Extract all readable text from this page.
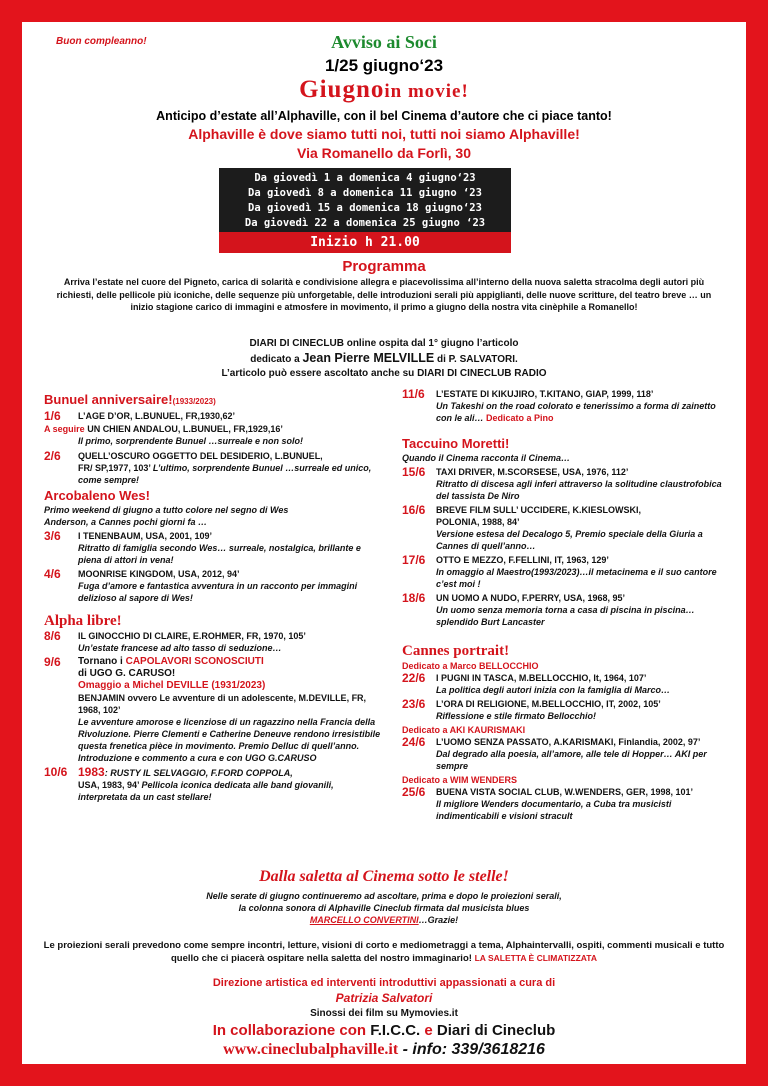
Buon compleanno!	Avviso ai Soci
1/25 giugno‘23
Giugnoin movie!
Anticipo d’estate all’Alphaville, con il bel Cinema d’autore che ci piace tanto!
Alphaville è dove siamo tutti noi, tutti noi siamo Alphaville!
Via Romanello da Forlì, 30
Da giovedì 1 a domenica 4 giugno‘23
Da giovedì 8 a domenica 11 giugno ‘23
Da giovedì 15 a domenica 18 giugno‘23
Da giovedì 22 a domenica 25 giugno ‘23
Inizio h 21.00
Programma
Arriva l’estate nel cuore del Pigneto, carica di solarità e condivisione allegra e piacevolissima all’interno della nuova saletta stracolma degli autori più richiesti, delle pellicole più iconiche, delle sequenze più unforgetable, delle introduzioni serali più appiglianti, delle nuove scritture, del teatro breve … un inizio stagione carico di immagini e atmosfere in movimento, il primo a giugno della nostra vita cinèphile a Romanello!
DIARI DI CINECLUB online ospita dal 1° giugno l’articolo
dedicato a Jean Pierre MELVILLE di P. SALVATORI.
L’articolo può essere ascoltato anche su DIARI DI CINECLUB RADIO
Bunuel anniversaire!(1933/2023)
1/6	L’AGE D’OR, L.BUNUEL, FR,1930,62’
A seguire UN CHIEN ANDALOU, L.BUNUEL, FR,1929,16’
Il primo, sorprendente Bunuel …surreale e non solo!
2/6	QUELL’OSCURO OGGETTO DEL DESIDERIO, L.BUNUEL,
FR/ SP,1977, 103’ L’ultimo, sorprendente Bunuel …surreale ed unico, come sempre!
Arcobaleno Wes!
Primo weekend di giugno a tutto colore nel segno di Wes Anderson, a Cannes pochi giorni fa …
3/6	I TENENBAUM, USA, 2001, 109’
Ritratto di famiglia secondo Wes… surreale, nostalgica, brillante e piena di attori in vena!
4/6	MOONRISE KINGDOM, USA, 2012, 94’
Fuga d’amore e fantastica avventura in un racconto per immagini delizioso al sapore di Wes!
Alpha libre!
8/6	IL GINOCCHIO DI CLAIRE, E.ROHMER, FR, 1970, 105’
Un’estate francese ad alto tasso di seduzione…
9/6	Tornano i CAPOLAVORI SCONOSCIUTI
di UGO G. CARUSO!
Omaggio a Michel DEVILLE (1931/2023)
BENJAMIN ovvero Le avventure di un adolescente, M.DEVILLE, FR, 1968, 102’
Le avventure amorose e licenziose di un ragazzino nella Francia della Rivoluzione. Pierre Clementi e Catherine Deneuve rendono irresistibile questa frenetica pièce in movimento. Premio Delluc di quell’anno. Introduzione e commento a cura e con UGO G.CARUSO
10/6 1983: RUSTY IL SELVAGGIO, F.FORD COPPOLA,
USA, 1983, 94’ Pellicola iconica dedicata alle band giovanili, interpretata da un cast stellare!
11/6	L’ESTATE DI KIKUJIRO, T.KITANO, GIAP, 1999, 118’
Un Takeshi on the road colorato e tenerissimo a forma di zainetto con le ali… Dedicato a Pino
Taccuino Moretti!
Quando il Cinema racconta il Cinema…
15/6	TAXI DRIVER, M.SCORSESE, USA, 1976, 112’
Ritratto di discesa agli inferi attraverso la solitudine claustrofobica del tassista De Niro
16/6	BREVE FILM SULL’ UCCIDERE, K.KIESLOWSKI,
POLONIA, 1988, 84’
Versione estesa del Decalogo 5, Premio speciale della Giuria a Cannes di quell’anno…
17/6	OTTO E MEZZO, F.FELLINI, IT, 1963, 129’
In omaggio al Maestro(1993/2023)…il metacinema e il suo cantore c’est moi !
18/6	UN UOMO A NUDO, F.PERRY, USA, 1968, 95’
Un uomo senza memoria torna a casa di piscina in piscina… splendido Burt Lancaster
Cannes portrait!
Dedicato a Marco BELLOCCHIO
22/6	I PUGNI IN TASCA, M.BELLOCCHIO, It, 1964, 107’
La politica degli autori inizia con la famiglia di Marco…
23/6	L’ORA DI RELIGIONE, M.BELLOCCHIO, IT, 2002, 105’
Riflessione e stile firmato Bellocchio!
Dedicato a AKI KAURISMAKI
24/6	L’UOMO SENZA PASSATO, A.KARISMAKI, Finlandia, 2002, 97’
Dal degrado alla poesia, all’amore, alle tele di Hopper… AKI per sempre
Dedicato a WIM WENDERS
25/6	BUENA VISTA SOCIAL CLUB, W.WENDERS, GER, 1998, 101’
Il migliore Wenders documentario, a Cuba tra musicisti indimenticabili e visioni stracult
Dalla saletta al Cinema sotto le stelle!
Nelle serate di giugno continueremo ad ascoltare, prima e dopo le proiezioni serali,
la colonna sonora di Alphaville Cineclub firmata dal musicista blues
MARCELLO CONVERTINI…Grazie!
Le proiezioni serali prevedono come sempre incontri, letture, visioni di corto e mediometraggi a tema, Alphaintervalli, ospiti, commenti musicali e tutto quello che ci piacerà ospitare nella saletta del nostro immaginario! LA SALETTA È CLIMATIZZATA
Direzione artistica ed interventi introduttivi appassionati a cura di
Patrizia Salvatori
Sinossi dei film su Mymovies.it
In collaborazione con F.I.C.C. e Diari di Cineclub
www.cineclubalphaville.it - info: 339/3618216
